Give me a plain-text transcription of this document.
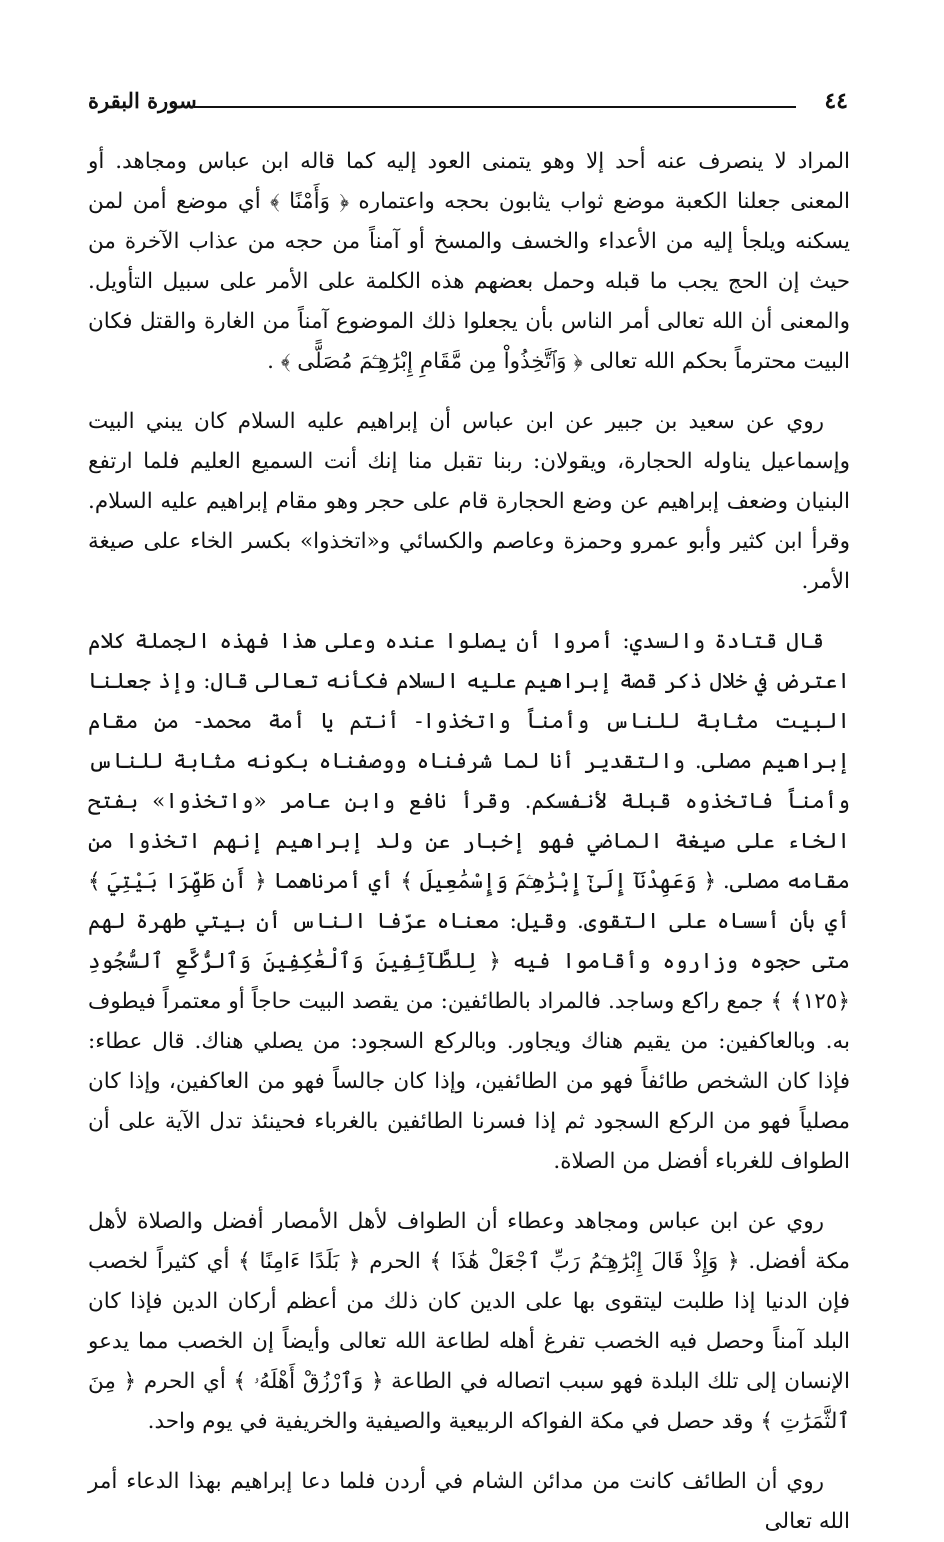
٤٤
سورة البقرة

المراد لا ينصرف عنه أحد إلا وهو يتمنى العود إليه كما قاله ابن عباس ومجاهد. أو المعنى جعلنا الكعبة موضع ثواب يثابون بحجه واعتماره ﴿ وَأَمْنًا ﴾ أي موضع أمن لمن يسكنه ويلجأ إليه من الأعداء والخسف والمسخ أو آمناً من حجه من عذاب الآخرة من حيث إن الحج يجب ما قبله وحمل بعضهم هذه الكلمة على الأمر على سبيل التأويل. والمعنى أن الله تعالى أمر الناس بأن يجعلوا ذلك الموضوع آمناً من الغارة والقتل فكان البيت محترماً بحكم الله تعالى ﴿ وَٱتَّخِذُواْ مِن مَّقَامِ إِبْرَٰهِـۧمَ مُصَلًّى ﴾ .

روي عن سعيد بن جبير عن ابن عباس أن إبراهيم عليه السلام كان يبني البيت وإسماعيل يناوله الحجارة، ويقولان: ربنا تقبل منا إنك أنت السميع العليم فلما ارتفع البنيان وضعف إبراهيم عن وضع الحجارة قام على حجر وهو مقام إبراهيم عليه السلام. وقرأ ابن كثير وأبو عمرو وحمزة وعاصم والكسائي و«اتخذوا» بكسر الخاء على صيغة الأمر.

قال قتادة والسدي: أمروا أن يصلوا عنده وعلى هذا فهذه الجملة كلام اعترض في خلال ذكر قصة إبراهيم عليه السلام فكأنه تعالى قال: وإذ جعلنا البيت مثابة للناس وأمناً واتخذوا- أنتم يا أمة محمد- من مقام إبراهيم مصلى. والتقدير أنا لما شرفناه ووصفناه بكونه مثابة للناس وأمناً فاتخذوه قبلة لأنفسكم. وقرأ نافع وابن عامر «واتخذوا» بفتح الخاء على صيغة الماضي فهو إخبار عن ولد إبراهيم إنهم اتخذوا من مقامه مصلى. ﴿ وَعَهِدْنَآ إِلَىٰٓ إِبْرَٰهِـۧمَ وَإِسْمَٰعِيلَ ﴾ أي أمرناهما ﴿ أَن طَهِّرَا بَيْتِيَ ﴾ أي بأن أسساه على التقوى. وقيل: معناه عرّفا الناس أن بيتي طهرة لهم متى حجوه وزاروه وأقاموا فيه ﴿ لِلطَّآئِفِينَ وَٱلْعَٰكِفِينَ وَٱلرُّكَّعِ ٱلسُّجُودِ ﴿١٢٥﴾ ﴾ جمع راكع وساجد. فالمراد بالطائفين: من يقصد البيت حاجاً أو معتمراً فيطوف به. وبالعاكفين: من يقيم هناك ويجاور. وبالركع السجود: من يصلي هناك. قال عطاء: فإذا كان الشخص طائفاً فهو من الطائفين، وإذا كان جالساً فهو من العاكفين، وإذا كان مصلياً فهو من الركع السجود ثم إذا فسرنا الطائفين بالغرباء فحينئذ تدل الآية على أن الطواف للغرباء أفضل من الصلاة.

روي عن ابن عباس ومجاهد وعطاء أن الطواف لأهل الأمصار أفضل والصلاة لأهل مكة أفضل. ﴿ وَإِذْ قَالَ إِبْرَٰهِـۧمُ رَبِّ ٱجْعَلْ هَٰذَا ﴾ الحرم ﴿ بَلَدًا ءَامِنًا ﴾ أي كثيراً لخصب فإن الدنيا إذا طلبت ليتقوى بها على الدين كان ذلك من أعظم أركان الدين فإذا كان البلد آمناً وحصل فيه الخصب تفرغ أهله لطاعة الله تعالى وأيضاً إن الخصب مما يدعو الإنسان إلى تلك البلدة فهو سبب اتصاله في الطاعة ﴿ وَٱرْزُقْ أَهْلَهُۥ ﴾ أي الحرم ﴿ مِنَ ٱلثَّمَرَٰتِ ﴾ وقد حصل في مكة الفواكه الربيعية والصيفية والخريفية في يوم واحد.

روي أن الطائف كانت من مدائن الشام في أردن فلما دعا إبراهيم بهذا الدعاء أمر الله تعالى
